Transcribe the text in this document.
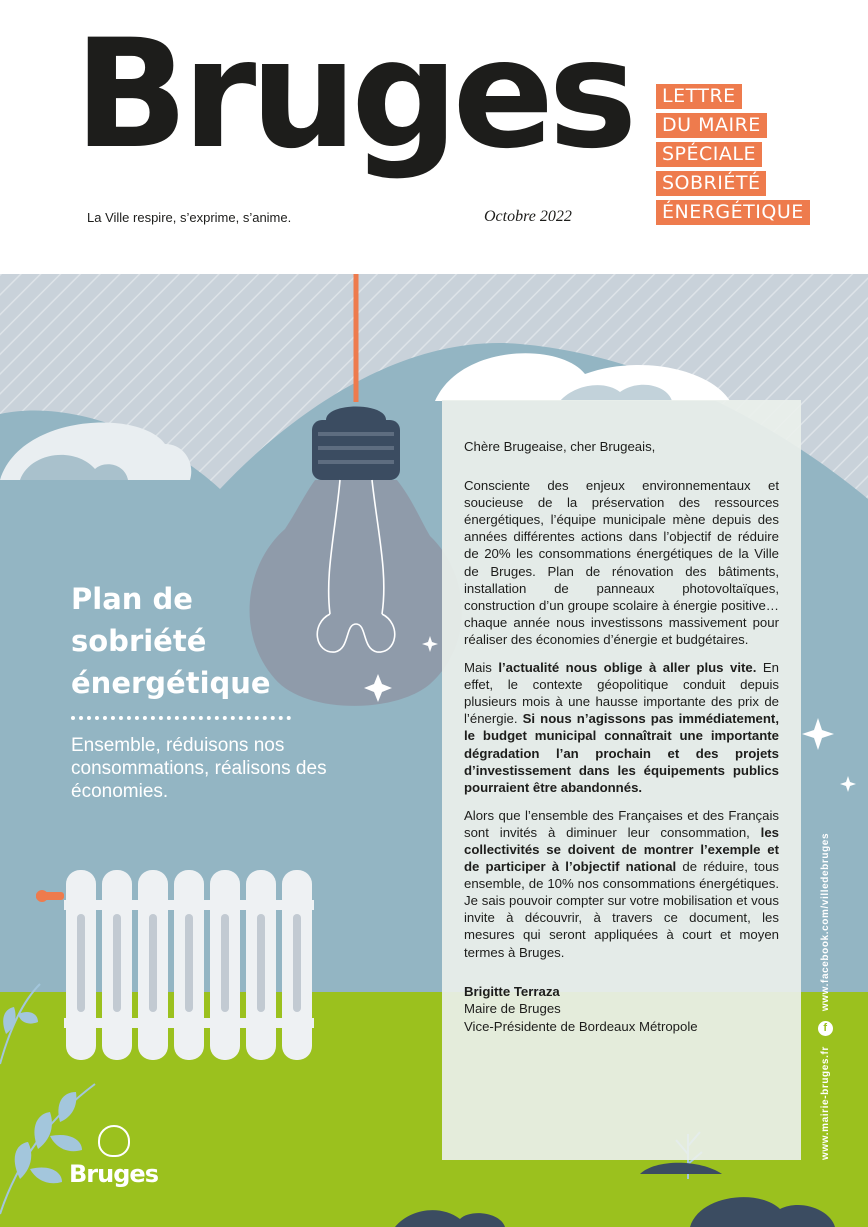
Bruges
La Ville respire, s’exprime, s’anime.	Octobre 2022
LETTRE
DU MAIRE
SPÉCIALE
SOBRIÉTÉ
ÉNERGÉTIQUE
Plan de
sobriété
énergétique

Ensemble, réduisons nos consommations, réalisons des économies.

Chère Brugeaise, cher Brugeais,

Consciente des enjeux environnementaux et soucieuse de la préservation des ressources énergétiques, l’équipe municipale mène depuis des années différentes actions dans l’objectif de réduire de 20% les consommations énergétiques de la Ville de Bruges. Plan de rénovation des bâtiments, installation de panneaux photovoltaïques, construction d’un groupe scolaire à énergie positive… chaque année nous investissons massivement pour réaliser des économies d’énergie et budgétaires.

Mais l’actualité nous oblige à aller plus vite. En effet, le contexte géopolitique conduit depuis plusieurs mois à une hausse importante des prix de l’énergie. Si nous n’agissons pas immédiatement, le budget municipal connaîtrait une importante dégradation l’an prochain et des projets d’investissement dans les équipements publics pourraient être abandonnés.

Alors que l’ensemble des Françaises et des Français sont invités à diminuer leur consommation, les collectivités se doivent de montrer l’exemple et de participer à l’objectif national de réduire, tous ensemble, de 10% nos consommations énergétiques. Je sais pouvoir compter sur votre mobilisation et vous invite à découvrir, à travers ce document, les mesures qui seront appliquées à court et moyen termes à Bruges.

Brigitte Terraza
Maire de Bruges
Vice-Présidente de Bordeaux Métropole
www.mairie-bruges.frfwww.facebook.com/villedebruges
Bruges
